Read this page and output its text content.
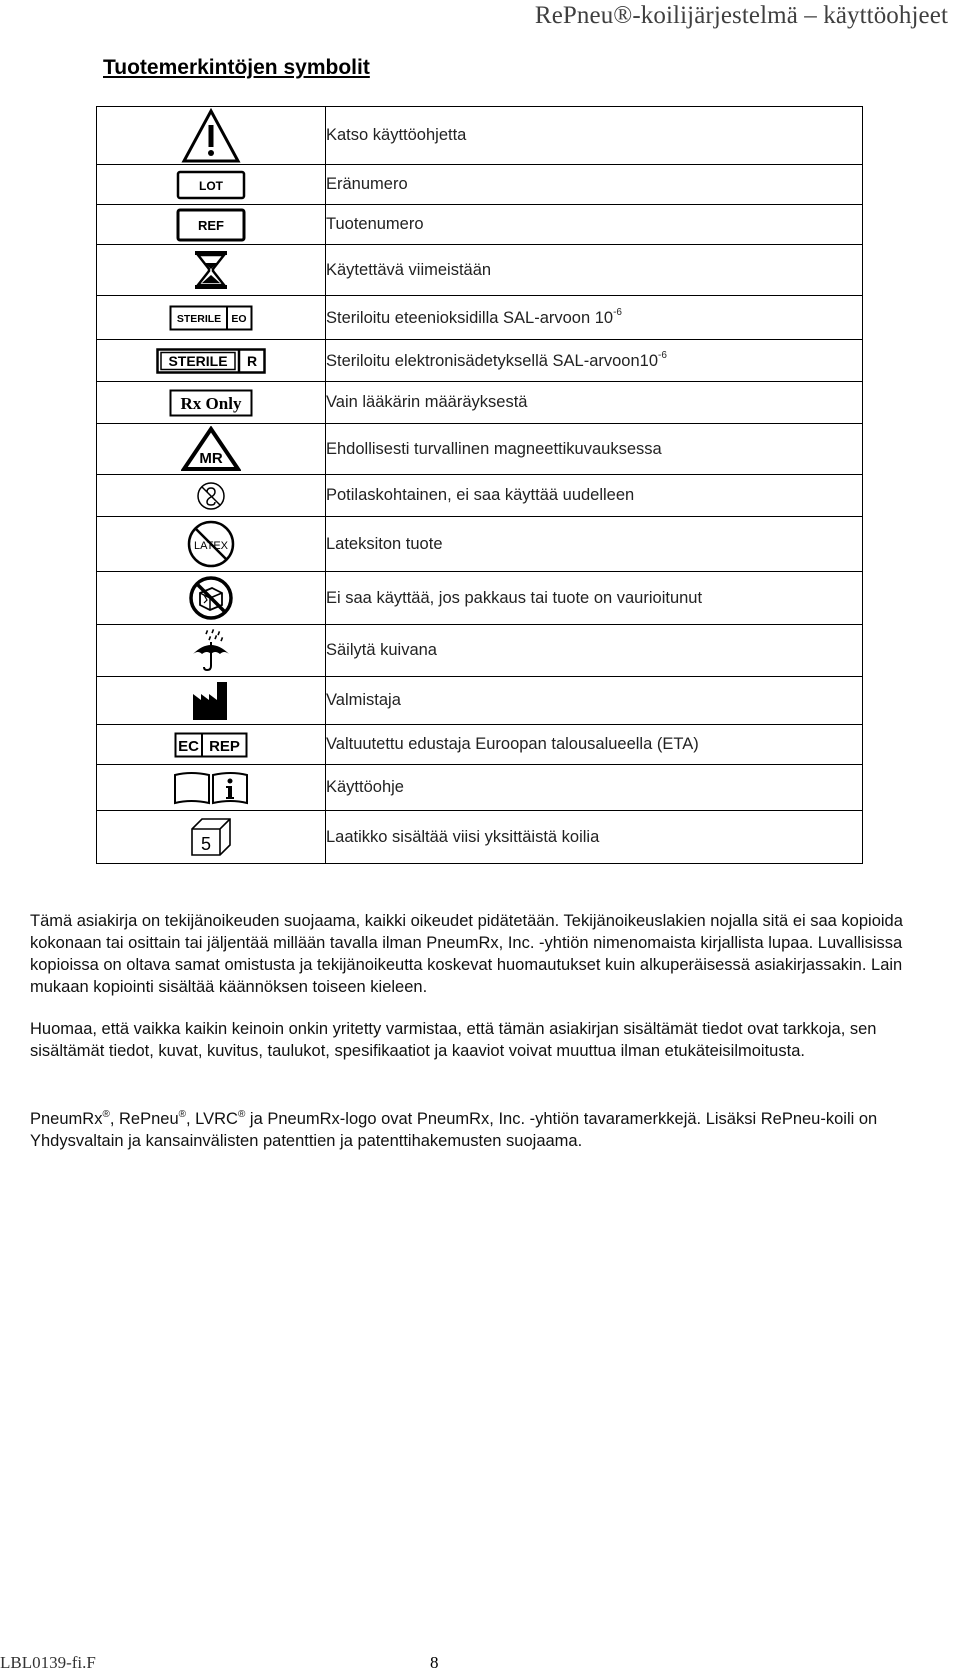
RePneu®-koilijärjestelmä – käyttöohjeet
Tuotemerkintöjen symbolit
	Katso käyttöohjetta

LOT	Eränumero

REF	Tuotenumero

	Käytettävä viimeistään

STERILE EO	Steriloitu eteenioksidilla SAL-arvoon $10^{-6}$

STERILE R	Steriloitu elektronisädetyksellä SAL-$arvoon10^{-6}$

Rx Only	Vain lääkärin määräyksestä

MR	Ehdollisesti turvallinen magneettikuvauksessa

	Potilaskohtainen, ei saa käyttää uudelleen

LATEX	Lateksiton tuote

	Ei saa käyttää, jos pakkaus tai tuote on vaurioitunut

	Säilytä kuivana

	Valmistaja

EC REP	Valtuutettu edustaja Euroopan talousalueella (ETA)

	Käyttöohje

5	Laatikko sisältää viisi yksittäistä koilia
Tämä asiakirja on tekijänoikeuden suojaama, kaikki oikeudet pidätetään. Tekijänoikeuslakien nojalla sitä ei saa kopioida kokonaan tai osittain tai jäljentää millään tavalla ilman PneumRx, Inc. -yhtiön nimenomaista kirjallista lupaa. Luvallisissa kopioissa on oltava samat omistusta ja tekijänoikeutta koskevat huomautukset kuin alkuperäisessä asiakirjassakin. Lain mukaan kopiointi sisältää käännöksen toiseen kieleen.
Huomaa, että vaikka kaikin keinoin onkin yritetty varmistaa, että tämän asiakirjan sisältämät tiedot ovat tarkkoja, sen sisältämät tiedot, kuvat, kuvitus, taulukot, spesifikaatiot ja kaaviot voivat muuttua ilman etukäteisilmoitusta.
PneumRx®, RePneu®, LVRC® ja PneumRx-logo ovat PneumRx, Inc. -yhtiön tavaramerkkejä. Lisäksi RePneu-koili on Yhdysvaltain ja kansainvälisten patenttien ja patenttihakemusten suojaama.
LBL0139-fi.F	8
